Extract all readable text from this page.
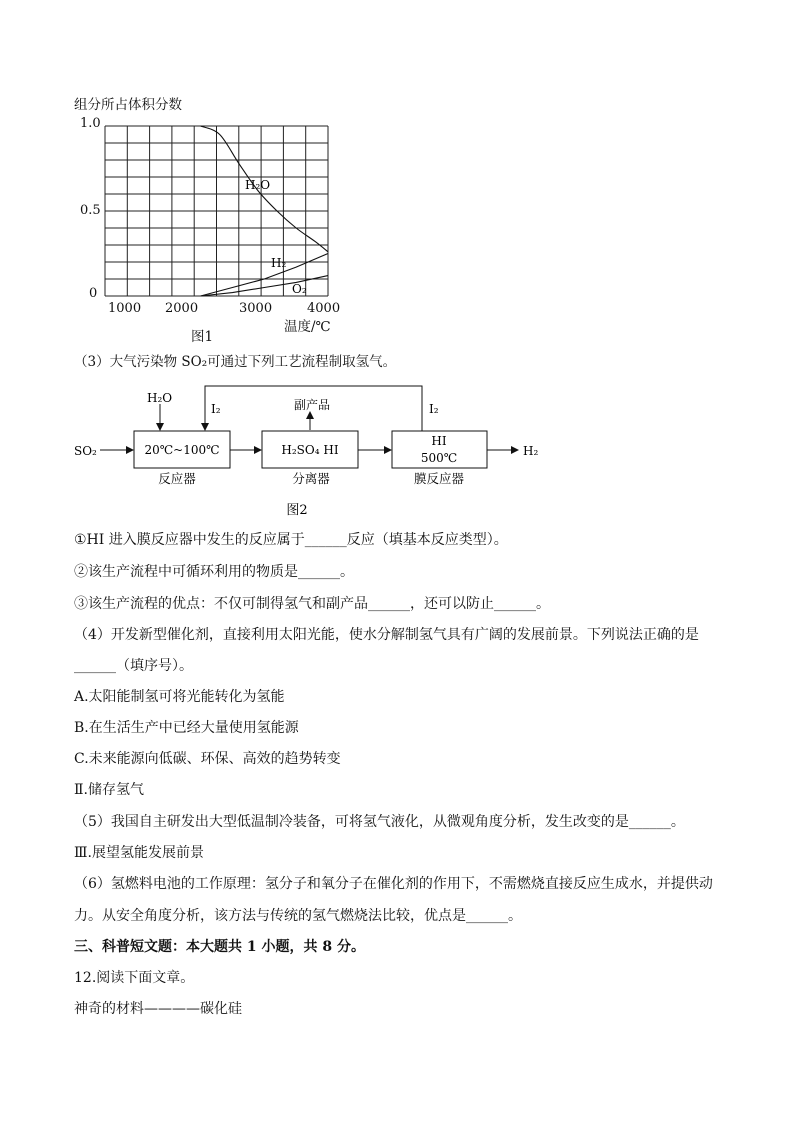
组分所占体积分数
1.0
0.5
0
1000 2000	3000	4000
温度/℃
图1
H₂O
H₂
O₂
（3）大气污染物 SO₂可通过下列工艺流程制取氢气。
SO₂
H₂O
I₂	I₂
副产品
H₂
20℃~100℃	H₂SO₄ HI
HI
500℃
反应器	分离器	膜反应器
图2
①HI 进入膜反应器中发生的反应属于______反应（填基本反应类型）。
②该生产流程中可循环利用的物质是______。
③该生产流程的优点：不仅可制得氢气和副产品______，还可以防止______。
（4）开发新型催化剂，直接利用太阳光能，使水分解制氢气具有广阔的发展前景。下列说法正确的是
______（填序号）。
A.太阳能制氢可将光能转化为氢能
B.在生活生产中已经大量使用氢能源
C.未来能源向低碳、环保、高效的趋势转变
Ⅱ.储存氢气
（5）我国自主研发出大型低温制冷装备，可将氢气液化，从微观角度分析，发生改变的是______。
Ⅲ.展望氢能发展前景
（6）氢燃料电池的工作原理：氢分子和氧分子在催化剂的作用下，不需燃烧直接反应生成水，并提供动
力。从安全角度分析，该方法与传统的氢气燃烧法比较，优点是______。
三、科普短文题：本大题共 1 小题，共 8 分。
12.阅读下面文章。
神奇的材料————碳化硅
